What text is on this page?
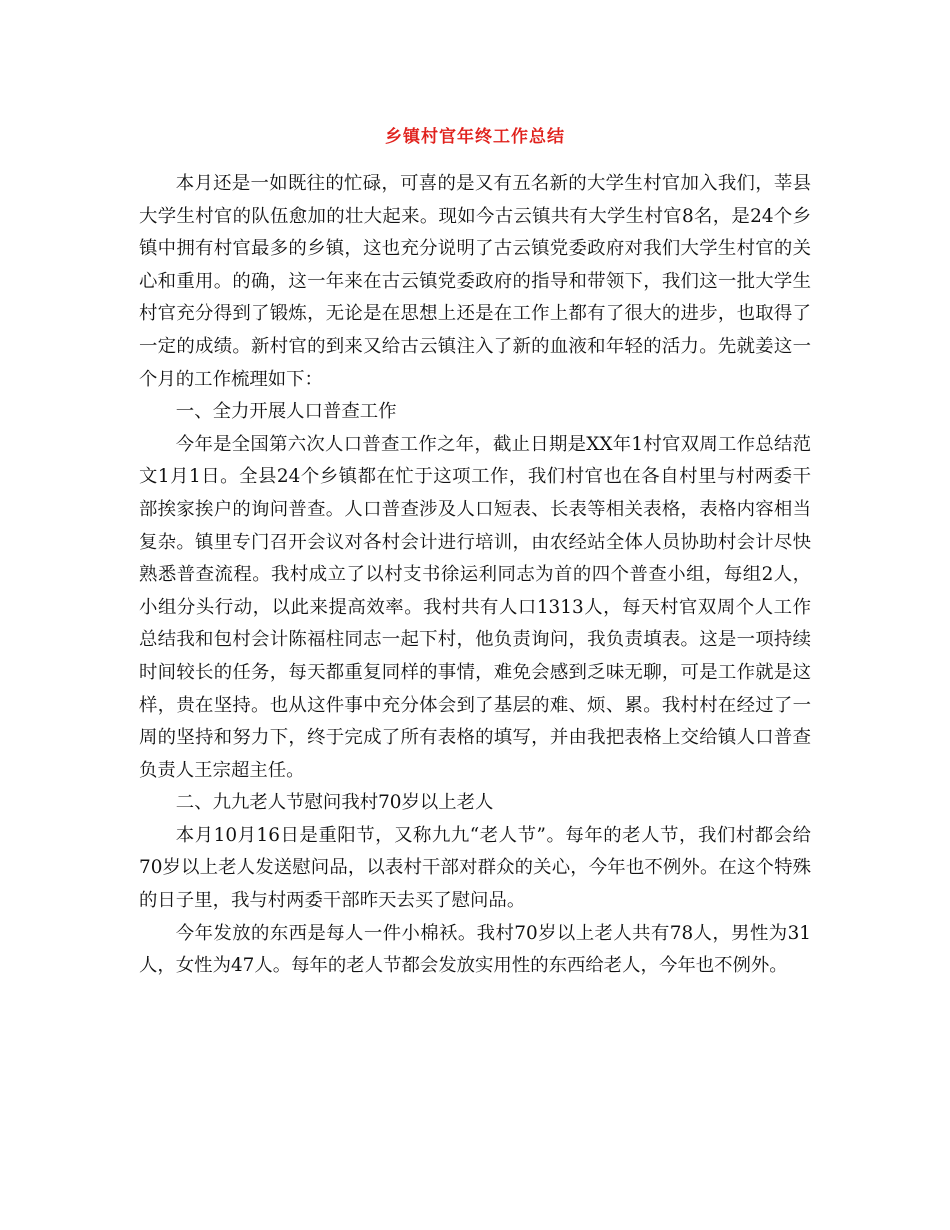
乡镇村官年终工作总结

本月还是一如既往的忙碌，可喜的是又有五名新的大学生村官加入我们，莘县大学生村官的队伍愈加的壮大起来。现如今古云镇共有大学生村官8名，是24个乡镇中拥有村官最多的乡镇，这也充分说明了古云镇党委政府对我们大学生村官的关心和重用。的确，这一年来在古云镇党委政府的指导和带领下，我们这一批大学生村官充分得到了锻炼，无论是在思想上还是在工作上都有了很大的进步，也取得了一定的成绩。新村官的到来又给古云镇注入了新的血液和年轻的活力。先就姜这一个月的工作梳理如下：

一、全力开展人口普查工作

今年是全国第六次人口普查工作之年，截止日期是XX年1村官双周工作总结范文1月1日。全县24个乡镇都在忙于这项工作，我们村官也在各自村里与村两委干部挨家挨户的询问普查。人口普查涉及人口短表、长表等相关表格，表格内容相当复杂。镇里专门召开会议对各村会计进行培训，由农经站全体人员协助村会计尽快熟悉普查流程。我村成立了以村支书徐运利同志为首的四个普查小组，每组2人，小组分头行动，以此来提高效率。我村共有人口1313人，每天村官双周个人工作总结我和包村会计陈福柱同志一起下村，他负责询问，我负责填表。这是一项持续时间较长的任务，每天都重复同样的事情，难免会感到乏味无聊，可是工作就是这样，贵在坚持。也从这件事中充分体会到了基层的难、烦、累。我村村在经过了一周的坚持和努力下，终于完成了所有表格的填写，并由我把表格上交给镇人口普查负责人王宗超主任。

二、九九老人节慰问我村70岁以上老人

本月10月16日是重阳节，又称九九“老人节”。每年的老人节，我们村都会给70岁以上老人发送慰问品，以表村干部对群众的关心，今年也不例外。在这个特殊的日子里，我与村两委干部昨天去买了慰问品。

今年发放的东西是每人一件小棉袄。我村70岁以上老人共有78人，男性为31人，女性为47人。每年的老人节都会发放实用性的东西给老人，今年也不例外。
